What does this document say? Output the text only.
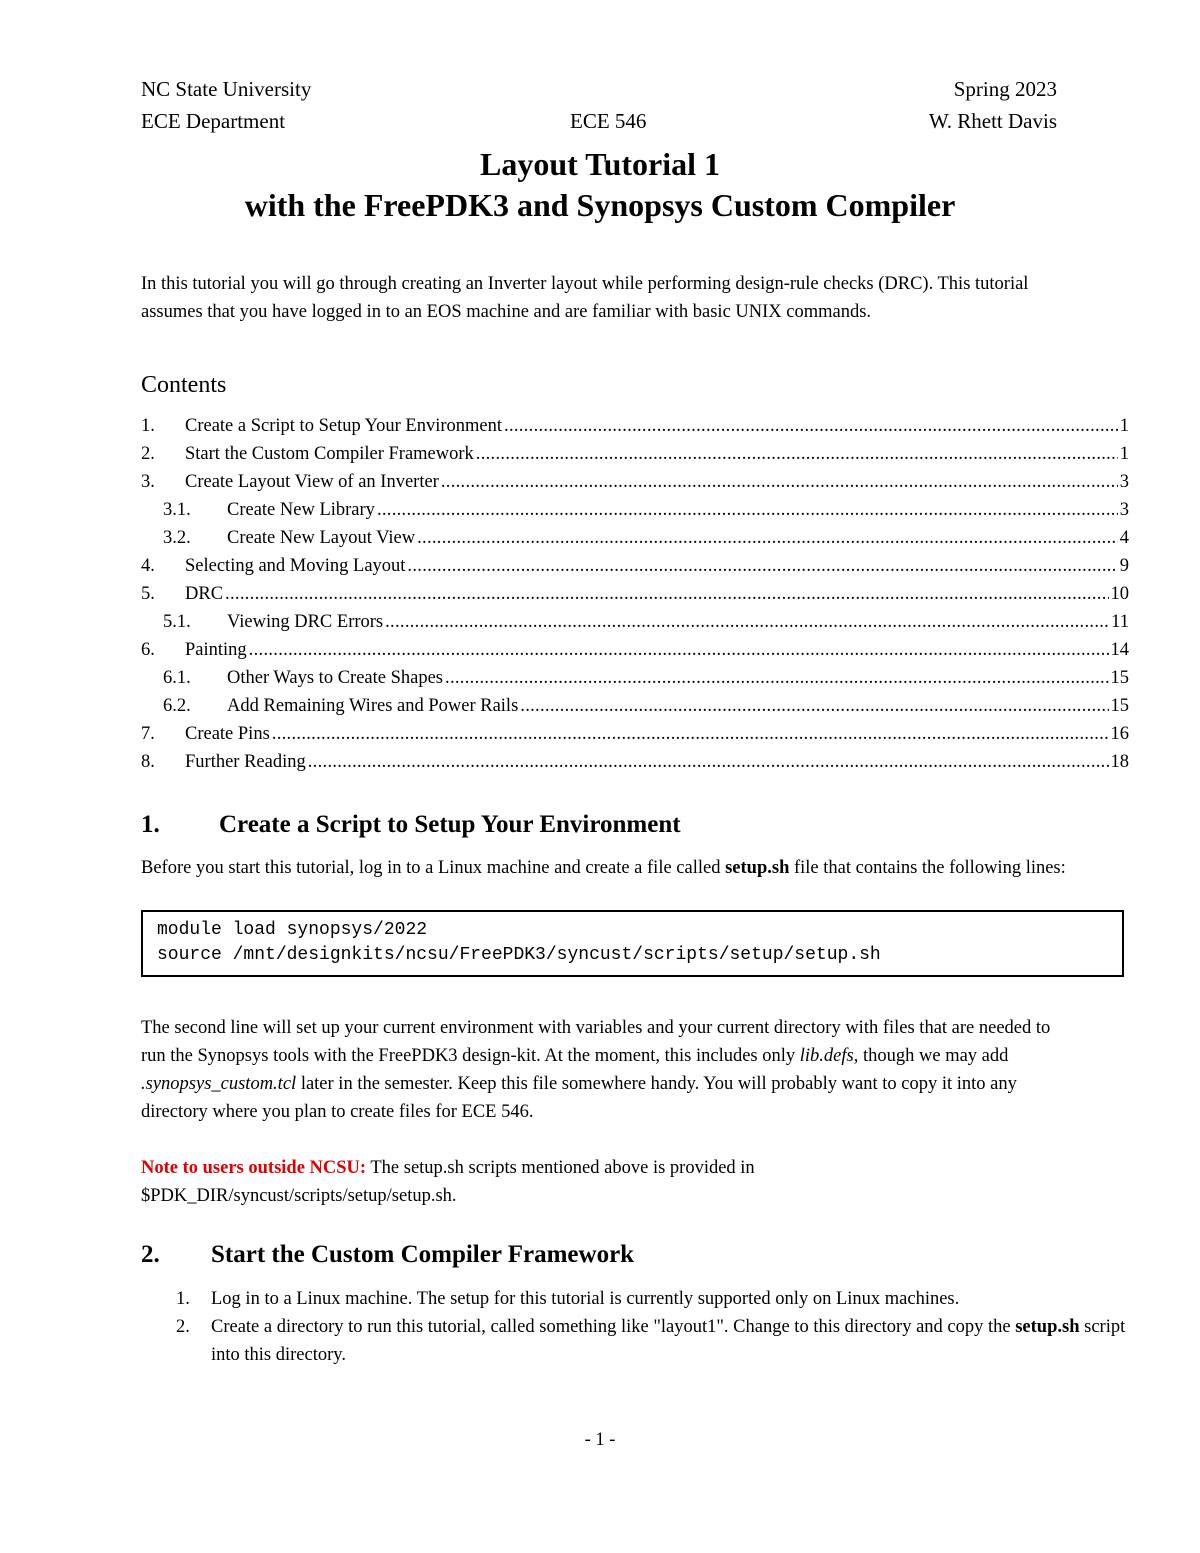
NC State University	Spring 2023
ECE Department	ECE 546	W. Rhett Davis
Layout Tutorial 1
with the FreePDK3 and Synopsys Custom Compiler
In this tutorial you will go through creating an Inverter layout while performing design-rule checks (DRC). This tutorial assumes that you have logged in to an EOS machine and are familiar with basic UNIX commands.
Contents
1.	Create a Script to Setup Your Environment .....	1
2.	Start the Custom Compiler Framework .....	1
3.	Create Layout View of an Inverter .....	3
3.1.	Create New Library .....	3
3.2.	Create New Layout View .....	4
4.	Selecting and Moving Layout .....	9
5.	DRC .....	10
5.1.	Viewing DRC Errors .....	11
6.	Painting .....	14
6.1.	Other Ways to Create Shapes .....	15
6.2.	Add Remaining Wires and Power Rails .....	15
7.	Create Pins .....	16
8.	Further Reading .....	18
1. Create a Script to Setup Your Environment
Before you start this tutorial, log in to a Linux machine and create a file called setup.sh file that contains the following lines:
module load synopsys/2022
source /mnt/designkits/ncsu/FreePDK3/syncust/scripts/setup/setup.sh
The second line will set up your current environment with variables and your current directory with files that are needed to run the Synopsys tools with the FreePDK3 design-kit. At the moment, this includes only lib.defs, though we may add .synopsys_custom.tcl later in the semester. Keep this file somewhere handy. You will probably want to copy it into any directory where you plan to create files for ECE 546.
Note to users outside NCSU: The setup.sh scripts mentioned above is provided in $PDK_DIR/syncust/scripts/setup/setup.sh.
2. Start the Custom Compiler Framework
1. Log in to a Linux machine. The setup for this tutorial is currently supported only on Linux machines.
2. Create a directory to run this tutorial, called something like "layout1". Change to this directory and copy the setup.sh script into this directory.
- 1 -
